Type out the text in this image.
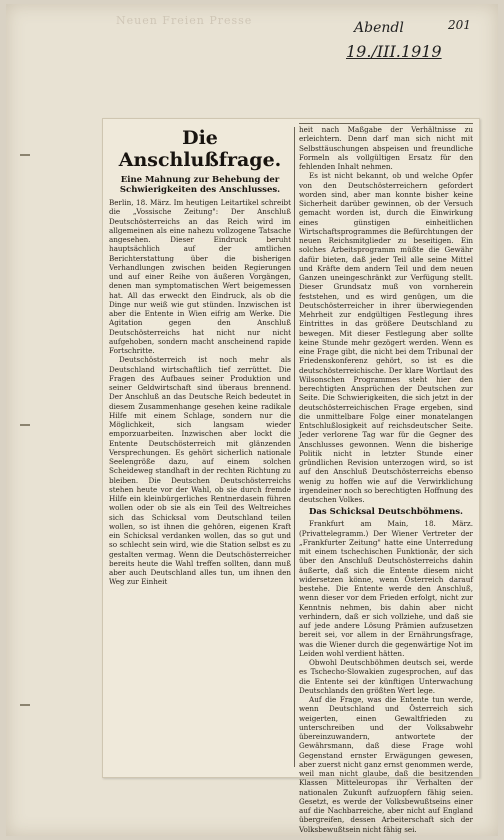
Neuen Freien Presse	Abendl	201
19./III.1919
Die Anschlußfrage.
Eine Mahnung zur Behebung der Schwierigkeiten des Anschlusses.

Berlin, 18. März. Im heutigen Leitartikel schreibt die „Vossische Zeitung": Der Anschluß Deutschösterreichs an das Reich wird im allgemeinen als eine nahezu vollzogene Tatsache angesehen. Dieser Eindruck beruht hauptsächlich auf der amtlichen Berichterstattung über die bisherigen Verhandlungen zwischen beiden Regierungen und auf einer Reihe von äußeren Vorgängen, denen man symptomatischen Wert beigemessen hat. All das erweckt den Eindruck, als ob die Dinge nur weiß wie gut stünden. Inzwischen ist aber die Entente in Wien eifrig am Werke. Die Agitation gegen den Anschluß Deutschösterreichs hat nicht nur nicht aufgehoben, sondern macht anscheinend rapide Fortschritte.

Deutschösterreich ist noch mehr als Deutschland wirtschaftlich tief zerrüttet. Die Fragen des Aufbaues seiner Produktion und seiner Geldwirtschaft sind überaus brennend. Der Anschluß an das Deutsche Reich bedeutet in diesem Zusammenhange gesehen keine radikale Hilfe mit einem Schlage, sondern nur die Möglichkeit, sich langsam wieder emporzuarbeiten. Inzwischen aber lockt die Entente Deutschösterreich mit glänzenden Versprechungen. Es gehört sicherlich nationale Seelengröße dazu, auf einem solchen Scheideweg standhaft in der rechten Richtung zu bleiben. Die Deutschen Deutschösterreichs stehen heute vor der Wahl, ob sie durch fremde Hilfe ein kleinbürgerliches Rentnerdasein führen wollen oder ob sie als ein Teil des Weltreiches sich das Schicksal vom Deutschland teilen wollen, so ist ihnen die gehören, eigenen Kraft ein Schicksal verdanken wollen, das so gut und so schlecht sein wird, wie die Station selbst es zu gestalten vermag. Wenn die Deutschösterreicher bereits heute die Wahl treffen sollten, dann muß aber auch Deutschland alles tun, um ihnen den Weg zur Einheit

heit nach Maßgabe der Verhältnisse zu erleichtern. Denn darf man sich nicht mit Selbsttäuschungen abspeisen und freundliche Formeln als vollgültigen Ersatz für den fehlenden Inhalt nehmen.

Es ist nicht bekannt, ob und welche Opfer von den Deutschösterreichern gefordert worden sind, aber man konnte bisher keine Sicherheit darüber gewinnen, ob der Versuch gemacht worden ist, durch die Einwirkung eines günstigen einheitlichen Wirtschaftsprogrammes die Befürchtungen der neuen Reichsmitglieder zu beseitigen. Ein solches Arbeitsprogramm müßte die Gewähr dafür bieten, daß jeder Teil alle seine Mittel und Kräfte dem andern Teil und dem neuen Ganzen uneingeschränkt zur Verfügung stellt. Dieser Grundsatz muß von vornherein feststehen, und es wird genügen, um die Deutschösterreicher in ihrer überwiegenden Mehrheit zur endgültigen Festlegung ihres Eintrittes in das größere Deutschland zu bewegen. Mit dieser Festlegung aber sollte keine Stunde mehr gezögert werden. Wenn es eine Frage gibt, die nicht bei dem Tribunal der Friedenskonferenz gehört, so ist es die deutschösterreichische. Der klare Wortlaut des Wilsonschen Programmes steht hier den berechtigten Ansprüchen der Deutschen zur Seite. Die Schwierigkeiten, die sich jetzt in der deutschösterreichischen Frage ergeben, sind die unmittelbare Folge einer monatelangen Entschlußlosigkeit auf reichsdeutscher Seite. Jeder verlorene Tag war für die Gegner des Anschlusses gewonnen. Wenn die bisherige Politik nicht in letzter Stunde einer gründlichen Revision unterzogen wird, so ist auf den Anschluß Deutschösterreichs ebenso wenig zu hoffen wie auf die Verwirklichung irgendeiner noch so berechtigten Hoffnung des deutschen Volkes.

Das Schicksal Deutschböhmens.

Frankfurt am Main, 18. März. (Privattelegramm.) Der Wiener Vertreter der „Frankfurter Zeitung" hatte eine Unterredung mit einem tschechischen Funktionär, der sich über den Anschluß Deutschösterreichs dahin äußerte, daß sich die Entente diesem nicht widersetzen könne, wenn Österreich darauf bestehe. Die Entente werde den Anschluß, wenn dieser vor dem Frieden erfolgt, nicht zur Kenntnis nehmen, bis dahin aber nicht verhindern, daß er sich vollziehe, und daß sie auf jede andere Lösung Prämien aufzusetzen bereit sei, vor allem in der Ernährungsfrage, was die Wiener durch die gegenwärtige Not im Leiden wohl verdient hätten.

Obwohl Deutschböhmen deutsch sei, werde es Tschecho-Slowakien zugesprochen, auf das die Entente sei der künftigen Unterwachung Deutschlands den größten Wert lege.

Auf die Frage, was die Entente tun werde, wenn Deutschland und Österreich sich weigerten, einen Gewaltfrieden zu unterschreiben und der Volksabwehr übereinzuwandern, antwortete der Gewährsmann, daß diese Frage wohl Gegenstand ernster Erwägungen gewesen, aber zuerst nicht ganz ernst genommen werde, weil man nicht glaube, daß die besitzenden Klassen Mitteleuropas ihr Verhalten der nationalen Zukunft aufzuopfern fähig seien. Gesetzt, es werde der Volksbewußtseins einer auf die Nachbarreiche, aber nicht auf England übergreifen, dessen Arbeiterschaft sich der Volksbewußtsein nicht fähig sei.
